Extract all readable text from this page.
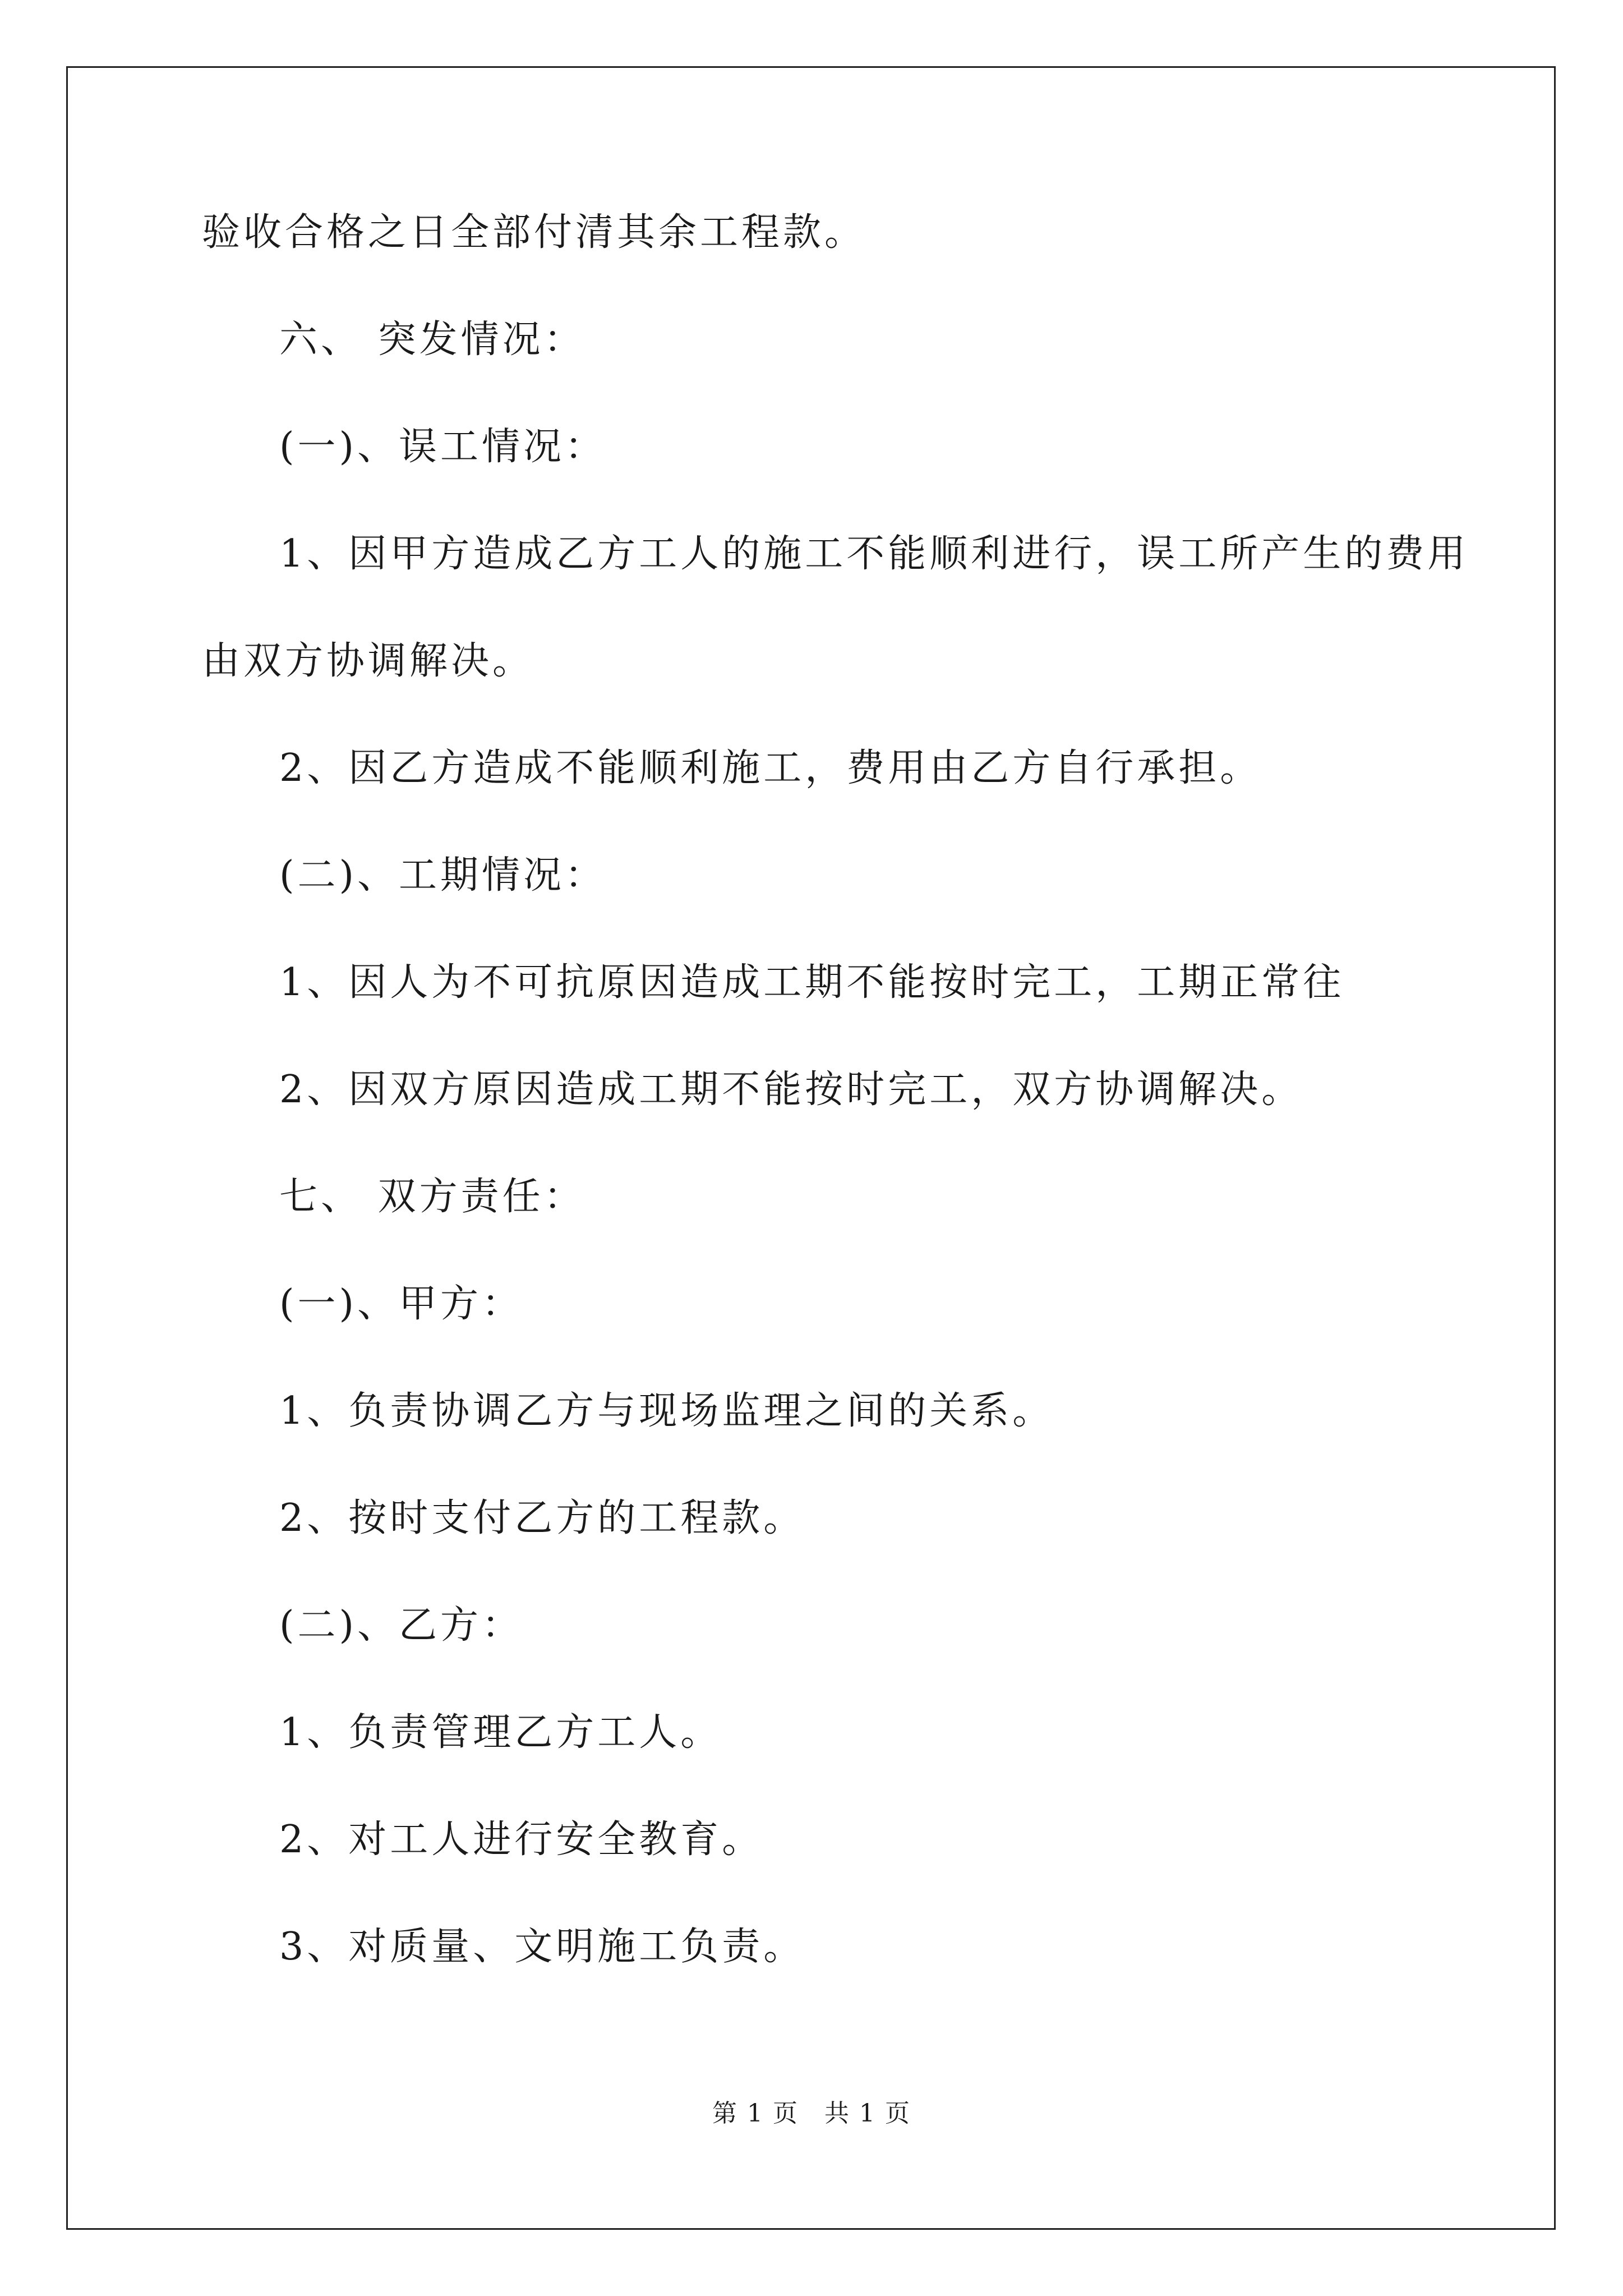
验收合格之日全部付清其余工程款。
六、 突发情况：
(一)、误工情况：
1、因甲方造成乙方工人的施工不能顺利进行，误工所产生的费用
由双方协调解决。
2、因乙方造成不能顺利施工，费用由乙方自行承担。
(二)、工期情况：
1、因人为不可抗原因造成工期不能按时完工，工期正常往
2、因双方原因造成工期不能按时完工，双方协调解决。
七、 双方责任：
(一)、甲方：
1、负责协调乙方与现场监理之间的关系。
2、按时支付乙方的工程款。
(二)、乙方：
1、负责管理乙方工人。
2、对工人进行安全教育。
3、对质量、文明施工负责。
第 1 页　共 1 页
